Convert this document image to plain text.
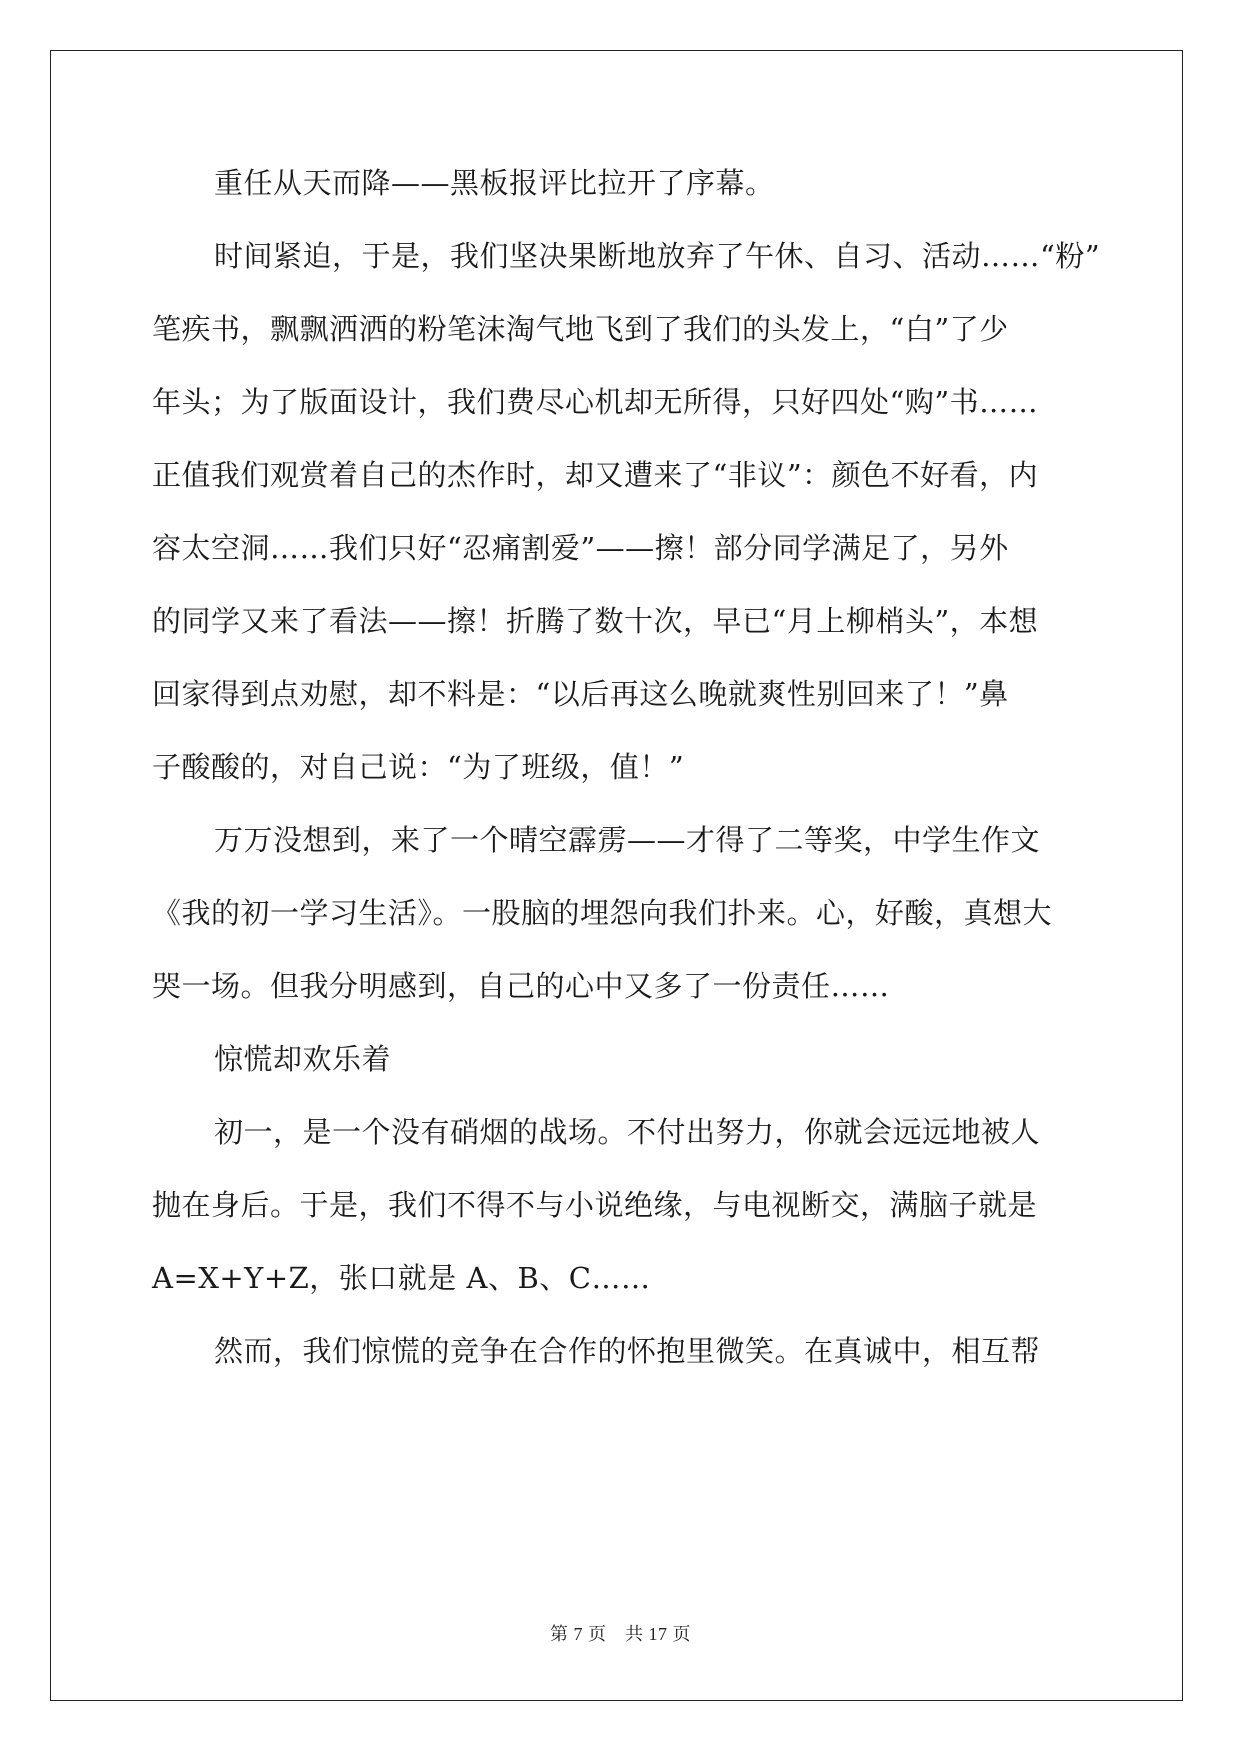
重任从天而降——黑板报评比拉开了序幕。
时间紧迫，于是，我们坚决果断地放弃了午休、自习、活动……“粉”
笔疾书，飘飘洒洒的粉笔沫淘气地飞到了我们的头发上，“白”了少
年头；为了版面设计，我们费尽心机却无所得，只好四处“购”书……
正值我们观赏着自己的杰作时，却又遭来了“非议”：颜色不好看，内
容太空洞……我们只好“忍痛割爱”——擦！部分同学满足了，另外
的同学又来了看法——擦！折腾了数十次，早已“月上柳梢头”，本想
回家得到点劝慰，却不料是：“以后再这么晚就爽性别回来了！”鼻
子酸酸的，对自己说：“为了班级，值！”
万万没想到，来了一个晴空霹雳——才得了二等奖，中学生作文
《我的初一学习生活》。一股脑的埋怨向我们扑来。心，好酸，真想大
哭一场。但我分明感到，自己的心中又多了一份责任……
惊慌却欢乐着
初一，是一个没有硝烟的战场。不付出努力，你就会远远地被人
抛在身后。于是，我们不得不与小说绝缘，与电视断交，满脑子就是
A=X+Y+Z，张口就是 A、B、C……
然而，我们惊慌的竞争在合作的怀抱里微笑。在真诚中，相互帮
第 7 页　共 17 页
